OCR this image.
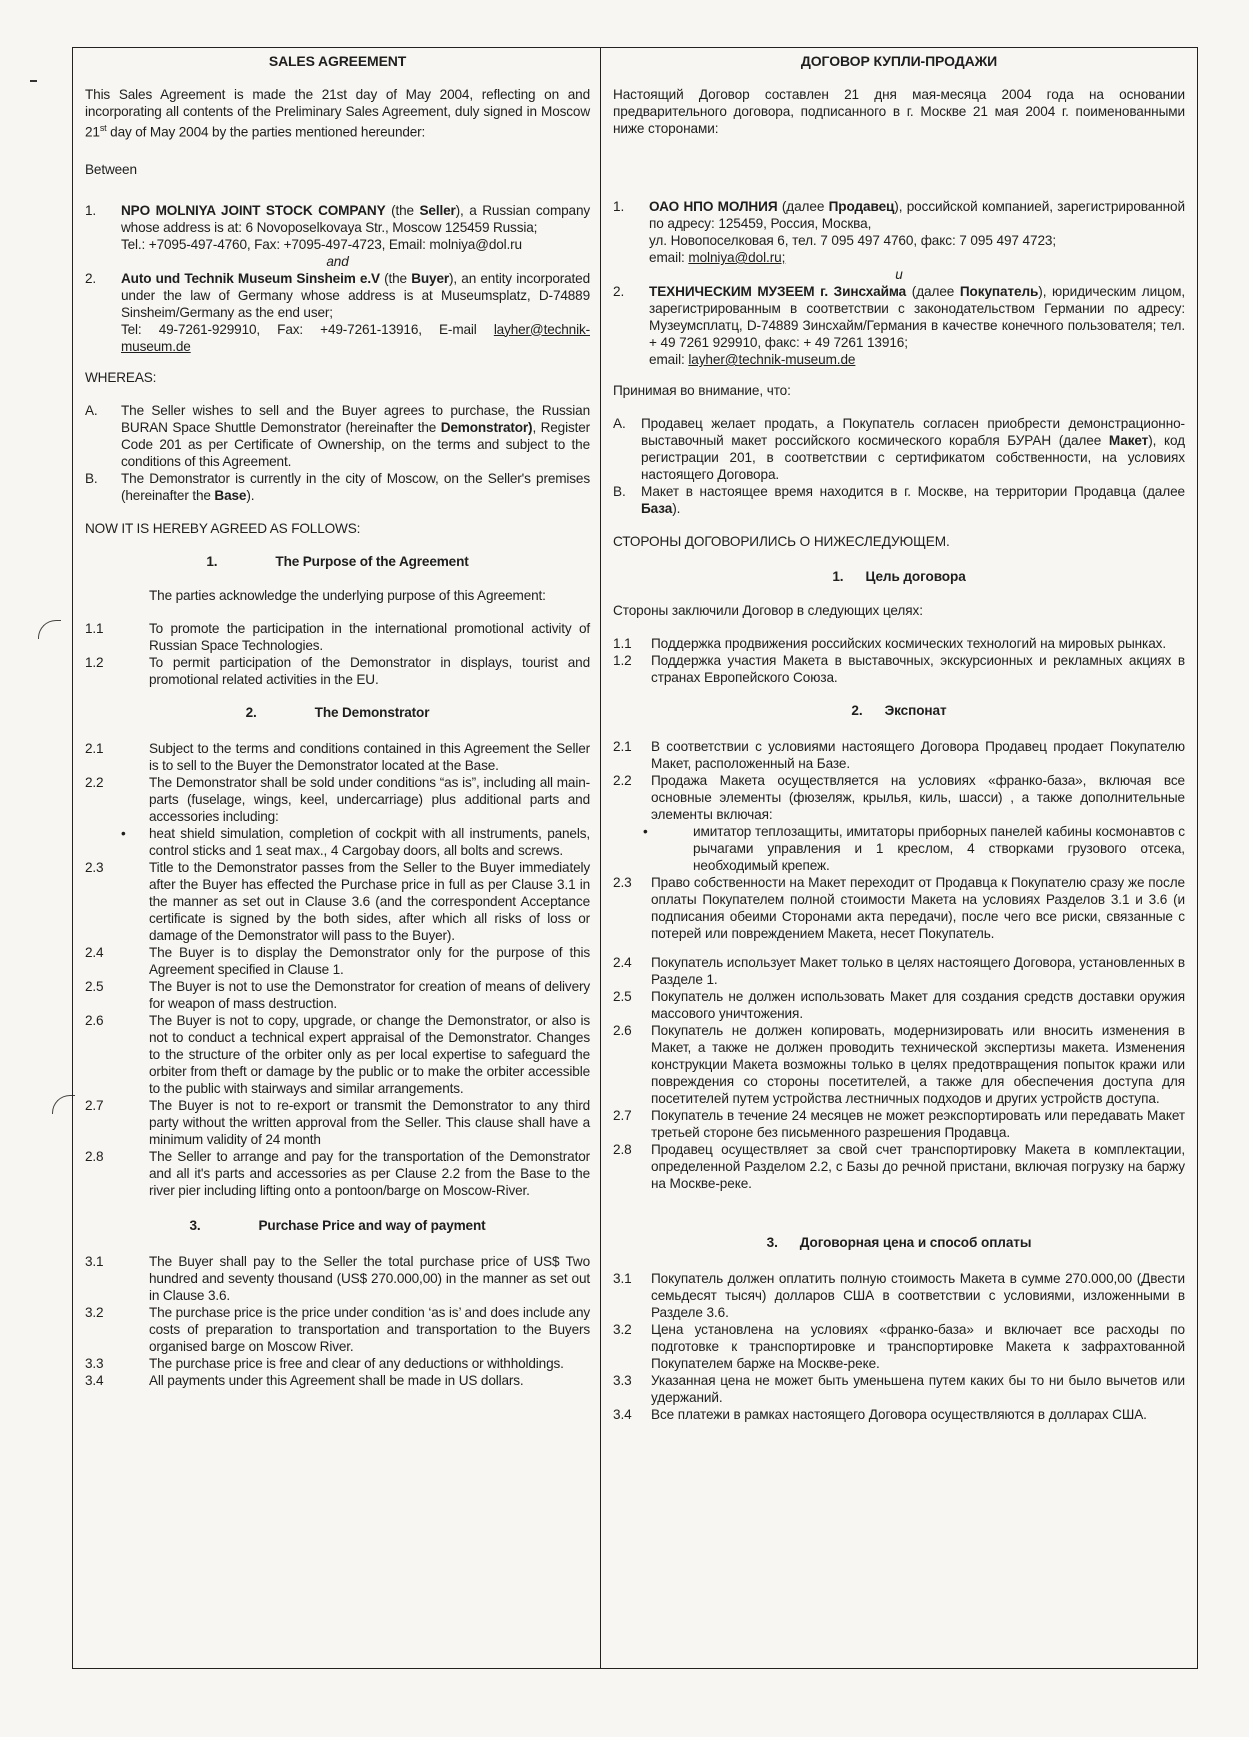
SALES AGREEMENT

This Sales Agreement is made the 21st day of May 2004, reflecting on and incorporating all contents of the Preliminary Sales Agreement, duly signed in Moscow 21st day of May 2004 by the parties mentioned hereunder:

Between

1.	NPO MOLNIYA JOINT STOCK COMPANY (the Seller), a Russian company whose address is at: 6 Novoposelkovaya Str., Moscow 125459 Russia;
Tel.: +7095-497-4760, Fax: +7095-497-4723, Email: molniya@dol.ru
and
2.	Auto und Technik Museum Sinsheim e.V (the Buyer), an entity incorporated under the law of Germany whose address is at Museumsplatz, D-74889 Sinsheim/Germany as the end user;
Tel: 49-7261-929910, Fax: +49-7261-13916, E-mail layher@technik-museum.de

WHEREAS:

A.	The Seller wishes to sell and the Buyer agrees to purchase, the Russian BURAN Space Shuttle Demonstrator (hereinafter the Demonstrator), Register Code 201 as per Certificate of Ownership, on the terms and subject to the conditions of this Agreement.
B.	The Demonstrator is currently in the city of Moscow, on the Seller's premises (hereinafter the Base).

NOW IT IS HEREBY AGREED AS FOLLOWS:

1.	The Purpose of the Agreement

The parties acknowledge the underlying purpose of this Agreement:

1.1	To promote the participation in the international promotional activity of Russian Space Technologies.
1.2	To permit participation of the Demonstrator in displays, tourist and promotional related activities in the EU.
2.	The Demonstrator
2.1	Subject to the terms and conditions contained in this Agreement the Seller is to sell to the Buyer the Demonstrator located at the Base.
2.2	The Demonstrator shall be sold under conditions “as is”, including all main-parts (fuselage, wings, keel, undercarriage) plus additional parts and accessories including:
•	heat shield simulation, completion of cockpit with all instruments, panels, control sticks and 1 seat max., 4 Cargobay doors, all bolts and screws.
2.3	Title to the Demonstrator passes from the Seller to the Buyer immediately after the Buyer has effected the Purchase price in full as per Clause 3.1 in the manner as set out in Clause 3.6 (and the correspondent Acceptance certificate is signed by the both sides, after which all risks of loss or damage of the Demonstrator will pass to the Buyer).
2.4	The Buyer is to display the Demonstrator only for the purpose of this Agreement specified in Clause 1.
2.5	The Buyer is not to use the Demonstrator for creation of means of delivery for weapon of mass destruction.
2.6	The Buyer is not to copy, upgrade, or change the Demonstrator, or also is not to conduct a technical expert appraisal of the Demonstrator. Changes to the structure of the orbiter only as per local expertise to safeguard the orbiter from theft or damage by the public or to make the orbiter accessible to the public with stairways and similar arrangements.
2.7	The Buyer is not to re-export or transmit the Demonstrator to any third party without the written approval from the Seller. This clause shall have a minimum validity of 24 month
2.8	The Seller to arrange and pay for the transportation of the Demonstrator and all it's parts and accessories as per Clause 2.2 from the Base to the river pier including lifting onto a pontoon/barge on Moscow-River.
3.	Purchase Price and way of payment
3.1	The Buyer shall pay to the Seller the total purchase price of US$ Two hundred and seventy thousand (US$ 270.000,00) in the manner as set out in Clause 3.6.
3.2	The purchase price is the price under condition ‘as is’ and does include any costs of preparation to transportation and transportation to the Buyers organised barge on Moscow River.
3.3	The purchase price is free and clear of any deductions or withholdings.
3.4	All payments under this Agreement shall be made in US dollars.
ДОГОВОР КУПЛИ-ПРОДАЖИ

Настоящий Договор составлен 21 дня мая-месяца 2004 года на основании предварительного договора, подписанного в г. Москве 21 мая 2004 г. поименованными ниже сторонами:

1.	ОАО НПО МОЛНИЯ (далее Продавец), российской компанией, зарегистрированной по адресу: 125459, Россия, Москва,
ул. Новопоселковая 6, тел. 7 095 497 4760, факс: 7 095 497 4723;
email: molniya@dol.ru;
и
2.	ТЕХНИЧЕСКИМ МУЗЕЕМ г. Зинсхайма (далее Покупатель), юридическим лицом, зарегистрированным в соответствии с законодательством Германии по адресу: Музеумсплатц, D-74889 Зинсхайм/Германия в качестве конечного пользователя; тел. + 49 7261 929910, факс: + 49 7261 13916;
email: layher@technik-museum.de

Принимая во внимание, что:

А.	Продавец желает продать, а Покупатель согласен приобрести демонстрационно-выставочный макет российского космического корабля БУРАН (далее Макет), код регистрации 201, в соответствии с сертификатом собственности, на условиях настоящего Договора.
В.	Макет в настоящее время находится в г. Москве, на территории Продавца (далее База).

СТОРОНЫ ДОГОВОРИЛИСЬ О НИЖЕСЛЕДУЮЩЕМ.

1. Цель договора

Стороны заключили Договор в следующих целях:

1.1	Поддержка продвижения российских космических технологий на мировых рынках.
1.2	Поддержка участия Макета в выставочных, экскурсионных и рекламных акциях в странах Европейского Союза.
2. Экспонат
2.1	В соответствии с условиями настоящего Договора Продавец продает Покупателю Макет, расположенный на Базе.
2.2	Продажа Макета осуществляется на условиях «франко-база», включая все основные элементы (фюзеляж, крылья, киль, шасси) , а также дополнительные элементы включая:
•	имитатор теплозащиты, имитаторы приборных панелей кабины космонавтов с рычагами управления и 1 креслом, 4 створками грузового отсека, необходимый крепеж.
2.3	Право собственности на Макет переходит от Продавца к Покупателю сразу же после оплаты Покупателем полной стоимости Макета на условиях Разделов 3.1 и 3.6 (и подписания обеими Сторонами акта передачи), после чего все риски, связанные с потерей или повреждением Макета, несет Покупатель.
2.4	Покупатель использует Макет только в целях настоящего Договора, установленных в Разделе 1.
2.5	Покупатель не должен использовать Макет для создания средств доставки оружия массового уничтожения.
2.6	Покупатель не должен копировать, модернизировать или вносить изменения в Макет, а также не должен проводить технической экспертизы макета. Изменения конструкции Макета возможны только в целях предотвращения попыток кражи или повреждения со стороны посетителей, а также для обеспечения доступа для посетителей путем устройства лестничных подходов и других устройств доступа.
2.7	Покупатель в течение 24 месяцев не может реэкспортировать или передавать Макет третьей стороне без письменного разрешения Продавца.
2.8	Продавец осуществляет за свой счет транспортировку Макета в комплектации, определенной Разделом 2.2, с Базы до речной пристани, включая погрузку на баржу на Москве-реке.
3. Договорная цена и способ оплаты
3.1	Покупатель должен оплатить полную стоимость Макета в сумме 270.000,00 (Двести семьдесят тысяч) долларов США в соответствии с условиями, изложенными в Разделе 3.6.
3.2	Цена установлена на условиях «франко-база» и включает все расходы по подготовке к транспортировке и транспортировке Макета к зафрахтованной Покупателем барже на Москве-реке.
3.3	Указанная цена не может быть уменьшена путем каких бы то ни было вычетов или удержаний.
3.4	Все платежи в рамках настоящего Договора осуществляются в долларах США.
